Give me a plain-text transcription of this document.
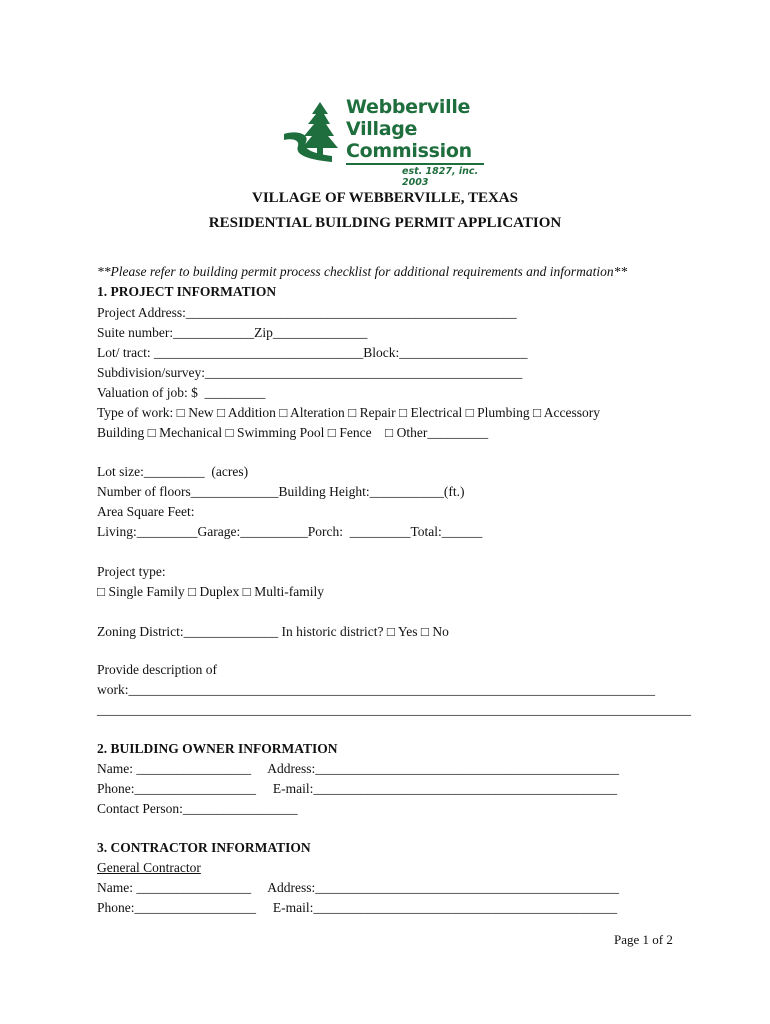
Webberville
Village
Commission
est. 1827, inc. 2003
VILLAGE OF WEBBERVILLE, TEXAS
RESIDENTIAL BUILDING PERMIT APPLICATION
**Please refer to building permit process checklist for additional requirements and information**
1. PROJECT INFORMATION
Project Address:_________________________________________________
Suite number:____________Zip______________
Lot/ tract: _______________________________Block:___________________
Subdivision/survey:_______________________________________________
Valuation of job: $  _________
Type of work: □ New □ Addition □ Alteration □ Repair □ Electrical □ Plumbing □ Accessory
Building □ Mechanical □ Swimming Pool □ Fence    □ Other_________
Lot size:_________  (acres)
Number of floors_____________Building Height:___________(ft.)
Area Square Feet:
Living:_________Garage:__________Porch:  _________Total:______
Project type:
□ Single Family □ Duplex □ Multi-family
Zoning District:______________ In historic district? □ Yes □ No
Provide description of
work:______________________________________________________________________________
________________________________________________________________________________________
2. BUILDING OWNER INFORMATION
Name: _________________     Address:_____________________________________________
Phone:__________________     E-mail:_____________________________________________
Contact Person:_________________
3. CONTRACTOR INFORMATION
General Contractor
Name: _________________     Address:_____________________________________________
Phone:__________________     E-mail:_____________________________________________
Page 1 of 2
